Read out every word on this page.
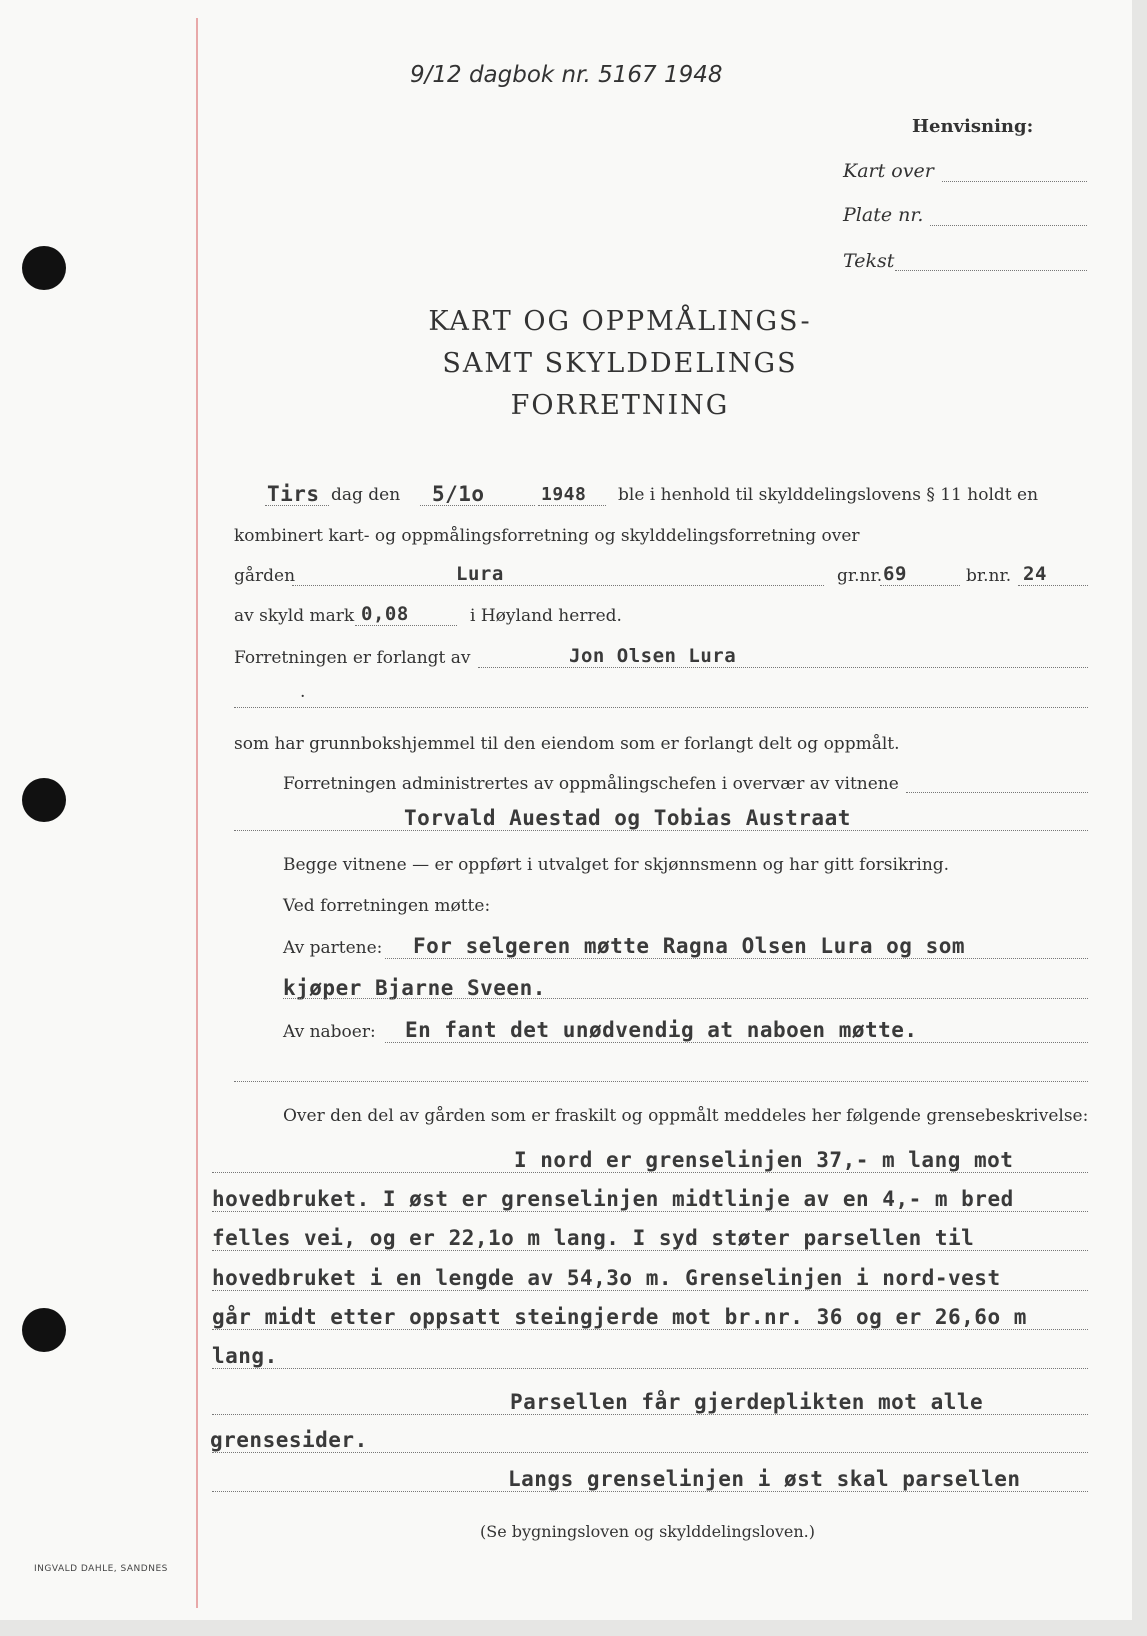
9/12 dagbok nr. 5167 1948
Henvisning:
Kart over
Plate nr.
Tekst
KART OG OPPMÅLINGS-
SAMT SKYLDDELINGS
FORRETNING
Tirs dag den 5/1o	1948 ble i henhold til skylddelingslovens § 11 holdt en
kombinert kart- og oppmålingsforretning og skylddelingsforretning over
gården	Lura	gr.nr. 69	br.nr. 24
av skyld mark 0,08	i Høyland herred.
Forretningen er forlangt av	Jon Olsen Lura
.
som har grunnbokshjemmel til den eiendom som er forlangt delt og oppmålt.
Forretningen administrertes av oppmålingschefen i overvær av vitnene
Torvald Auestad og Tobias Austraat
Begge vitnene — er oppført i utvalget for skjønnsmenn og har gitt forsikring.
Ved forretningen møtte:
Av partene: For selgeren møtte Ragna Olsen Lura og som
kjøper Bjarne Sveen.
Av naboer: En fant det unødvendig at naboen møtte.
Over den del av gården som er fraskilt og oppmålt meddeles her følgende grensebeskrivelse:
I nord er grenselinjen 37,- m lang mot
hovedbruket. I øst er grenselinjen midtlinje av en 4,- m bred
felles vei, og er 22,1o m lang. I syd støter parsellen til
hovedbruket i en lengde av 54,3o m. Grenselinjen i nord-vest
går midt etter oppsatt steingjerde mot br.nr. 36 og er 26,6o m
lang.
Parsellen får gjerdeplikten mot alle
grensesider.
Langs grenselinjen i øst skal parsellen
(Se bygningsloven og skylddelingsloven.)
INGVALD DAHLE, SANDNES
